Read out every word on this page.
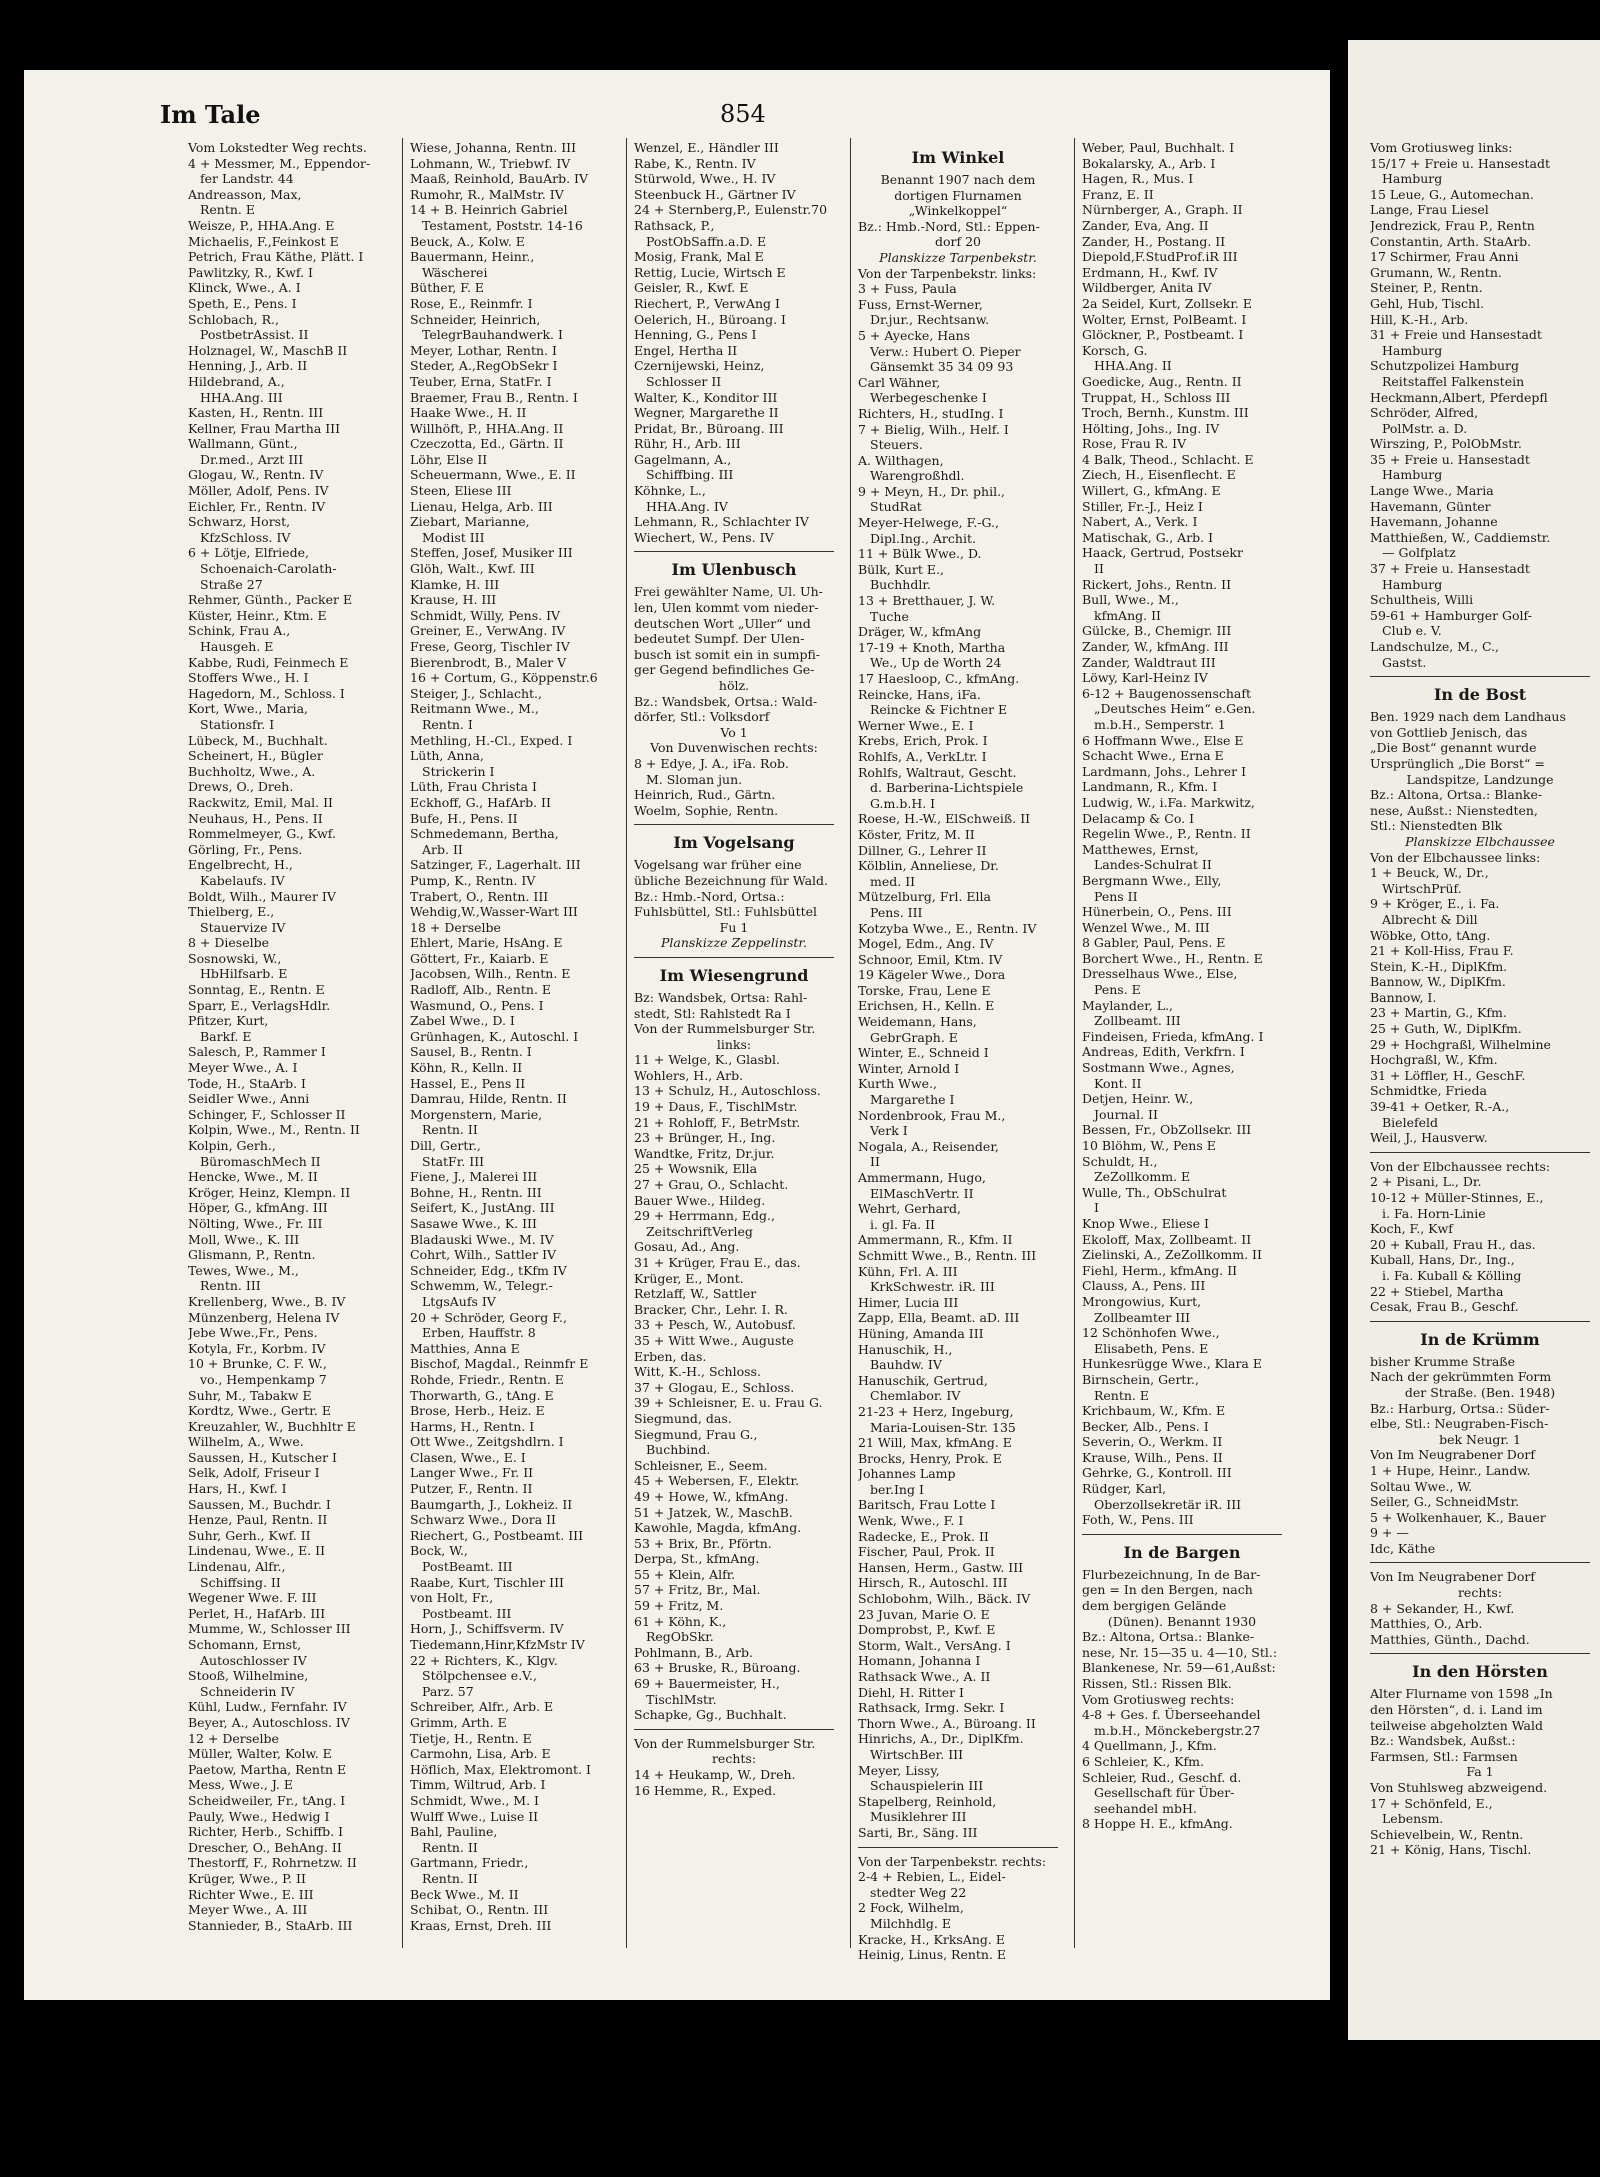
Im Tale	854
Vom Lokstedter Weg rechts.
4 + Messmer, M., Eppendor-
fer Landstr. 44
Andreasson, Max,
Rentn. E
Weisze, P., HHA.Ang. E
Michaelis, F.,Feinkost E
Petrich, Frau Käthe, Plätt. I
Pawlitzky, R., Kwf. I
Klinck, Wwe., A. I
Speth, E., Pens. I
Schlobach, R.,
PostbetrAssist. II
Holznagel, W., MaschB II
Henning, J., Arb. II
Hildebrand, A.,
HHA.Ang. III
Kasten, H., Rentn. III
Kellner, Frau Martha III
Wallmann, Günt.,
Dr.med., Arzt III
Glogau, W., Rentn. IV
Möller, Adolf, Pens. IV
Eichler, Fr., Rentn. IV
Schwarz, Horst,
KfzSchloss. IV
6 + Lötje, Elfriede,
Schoenaich-Carolath-
Straße 27
Rehmer, Günth., Packer E
Küster, Heinr., Ktm. E
Schink, Frau A.,
Hausgeh. E
Kabbe, Rudi, Feinmech E
Stoffers Wwe., H. I
Hagedorn, M., Schloss. I
Kort, Wwe., Maria,
Stationsfr. I
Lübeck, M., Buchhalt.
Scheinert, H., Bügler
Buchholtz, Wwe., A.
Drews, O., Dreh.
Rackwitz, Emil, Mal. II
Neuhaus, H., Pens. II
Rommelmeyer, G., Kwf.
Görling, Fr., Pens.
Engelbrecht, H.,
Kabelaufs. IV
Boldt, Wilh., Maurer IV
Thielberg, E.,
Stauervize IV
8 + Dieselbe
Sosnowski, W.,
HbHilfsarb. E
Sonntag, E., Rentn. E
Sparr, E., VerlagsHdlr.
Pfitzer, Kurt,
Barkf. E
Salesch, P., Rammer I
Meyer Wwe., A. I
Tode, H., StaArb. I
Seidler Wwe., Anni
Schinger, F., Schlosser II
Kolpin, Wwe., M., Rentn. II
Kolpin, Gerh.,
BüromaschMech II
Hencke, Wwe., M. II
Kröger, Heinz, Klempn. II
Höper, G., kfmAng. III
Nölting, Wwe., Fr. III
Moll, Wwe., K. III
Glismann, P., Rentn.
Tewes, Wwe., M.,
Rentn. III
Krellenberg, Wwe., B. IV
Münzenberg, Helena IV
Jebe Wwe.,Fr., Pens.
Kotyla, Fr., Korbm. IV
10 + Brunke, C. F. W.,
vo., Hempenkamp 7
Suhr, M., Tabakw E
Kordtz, Wwe., Gertr. E
Kreuzahler, W., Buchhltr E
Wilhelm, A., Wwe.
Saussen, H., Kutscher I
Selk, Adolf, Friseur I
Hars, H., Kwf. I
Saussen, M., Buchdr. I
Henze, Paul, Rentn. II
Suhr, Gerh., Kwf. II
Lindenau, Wwe., E. II
Lindenau, Alfr.,
Schiffsing. II
Wegener Wwe. F. III
Perlet, H., HafArb. III
Mumme, W., Schlosser III
Schomann, Ernst,
Autoschlosser IV
Stooß, Wilhelmine,
Schneiderin IV
Kühl, Ludw., Fernfahr. IV
Beyer, A., Autoschloss. IV
12 + Derselbe
Müller, Walter, Kolw. E
Paetow, Martha, Rentn E
Mess, Wwe., J. E
Scheidweiler, Fr., tAng. I
Pauly, Wwe., Hedwig I
Richter, Herb., Schiffb. I
Drescher, O., BehAng. II
Thestorff, F., Rohrnetzw. II
Krüger, Wwe., P. II
Richter Wwe., E. III
Meyer Wwe., A. III
Stannieder, B., StaArb. III
Wiese, Johanna, Rentn. III
Lohmann, W., Triebwf. IV
Maaß, Reinhold, BauArb. IV
Rumohr, R., MalMstr. IV
14 + B. Heinrich Gabriel
Testament, Poststr. 14-16
Beuck, A., Kolw. E
Bauermann, Heinr.,
Wäscherei
Büther, F. E
Rose, E., Reinmfr. I
Schneider, Heinrich,
TelegrBauhandwerk. I
Meyer, Lothar, Rentn. I
Steder, A.,RegObSekr I
Teuber, Erna, StatFr. I
Braemer, Frau B., Rentn. I
Haake Wwe., H. II
Willhöft, P., HHA.Ang. II
Czeczotta, Ed., Gärtn. II
Löhr, Else II
Scheuermann, Wwe., E. II
Steen, Eliese III
Lienau, Helga, Arb. III
Ziebart, Marianne,
Modist III
Steffen, Josef, Musiker III
Glöh, Walt., Kwf. III
Klamke, H. III
Krause, H. III
Schmidt, Willy, Pens. IV
Greiner, E., VerwAng. IV
Frese, Georg, Tischler IV
Bierenbrodt, B., Maler V
16 + Cortum, G., Köppenstr.6
Steiger, J., Schlacht.,
Reitmann Wwe., M.,
Rentn. I
Methling, H.-Cl., Exped. I
Lüth, Anna,
Strickerin I
Lüth, Frau Christa I
Eckhoff, G., HafArb. II
Bufe, H., Pens. II
Schmedemann, Bertha,
Arb. II
Satzinger, F., Lagerhalt. III
Pump, K., Rentn. IV
Trabert, O., Rentn. III
Wehdig,W.,Wasser-Wart III
18 + Derselbe
Ehlert, Marie, HsAng. E
Göttert, Fr., Kaiarb. E
Jacobsen, Wilh., Rentn. E
Radloff, Alb., Rentn. E
Wasmund, O., Pens. I
Zabel Wwe., D. I
Grünhagen, K., Autoschl. I
Sausel, B., Rentn. I
Köhn, R., Kelln. II
Hassel, E., Pens II
Damrau, Hilde, Rentn. II
Morgenstern, Marie,
Rentn. II
Dill, Gertr.,
StatFr. III
Fiene, J., Malerei III
Bohne, H., Rentn. III
Seifert, K., JustAng. III
Sasawe Wwe., K. III
Bladauski Wwe., M. IV
Cohrt, Wilh., Sattler IV
Schneider, Edg., tKfm IV
Schwemm, W., Telegr.-
LtgsAufs IV
20 + Schröder, Georg F.,
Erben, Hauffstr. 8
Matthies, Anna E
Bischof, Magdal., Reinmfr E
Rohde, Friedr., Rentn. E
Thorwarth, G., tAng. E
Brose, Herb., Heiz. E
Harms, H., Rentn. I
Ott Wwe., Zeitgshdlrn. I
Clasen, Wwe., E. I
Langer Wwe., Fr. II
Putzer, F., Rentn. II
Baumgarth, J., Lokheiz. II
Schwarz Wwe., Dora II
Riechert, G., Postbeamt. III
Bock, W.,
PostBeamt. III
Raabe, Kurt, Tischler III
von Holt, Fr.,
Postbeamt. III
Horn, J., Schiffsverm. IV
Tiedemann,Hinr,KfzMstr IV
22 + Richters, K., Klgv.
Stölpchensee e.V.,
Parz. 57
Schreiber, Alfr., Arb. E
Grimm, Arth. E
Tietje, H., Rentn. E
Carmohn, Lisa, Arb. E
Höflich, Max, Elektromont. I
Timm, Wiltrud, Arb. I
Schmidt, Wwe., M. I
Wulff Wwe., Luise II
Bahl, Pauline,
Rentn. II
Gartmann, Friedr.,
Rentn. II
Beck Wwe., M. II
Schibat, O., Rentn. III
Kraas, Ernst, Dreh. III
Wenzel, E., Händler III
Rabe, K., Rentn. IV
Stürwold, Wwe., H. IV
Steenbuck H., Gärtner IV
24 + Sternberg,P., Eulenstr.70
Rathsack, P.,
PostObSaffn.a.D. E
Mosig, Frank, Mal E
Rettig, Lucie, Wirtsch E
Geisler, R., Kwf. E
Riechert, P., VerwAng I
Oelerich, H., Büroang. I
Henning, G., Pens I
Engel, Hertha II
Czernijewski, Heinz,
Schlosser II
Walter, K., Konditor III
Wegner, Margarethe II
Pridat, Br., Büroang. III
Rühr, H., Arb. III
Gagelmann, A.,
Schiffbing. III
Köhnke, L.,
HHA.Ang. IV
Lehmann, R., Schlachter IV
Wiechert, W., Pens. IV
Im Ulenbusch
Frei gewählter Name, Ul. Uh-
len, Ulen kommt vom nieder-
deutschen Wort „Uller“ und
bedeutet Sumpf. Der Ulen-
busch ist somit ein in sumpfi-
ger Gegend befindliches Ge-
hölz.
Bz.: Wandsbek, Ortsa.: Wald-
dörfer, Stl.: Volksdorf
Vo 1
Von Duvenwischen rechts:
8 + Edye, J. A., iFa. Rob.
M. Sloman jun.
Heinrich, Rud., Gärtn.
Woelm, Sophie, Rentn.
Im Vogelsang
Vogelsang war früher eine
übliche Bezeichnung für Wald.
Bz.: Hmb.-Nord, Ortsa.:
Fuhlsbüttel, Stl.: Fuhlsbüttel
Fu 1
Planskizze Zeppelinstr.
Im Wiesengrund
Bz: Wandsbek, Ortsa: Rahl-
stedt, Stl: Rahlstedt Ra I
Von der Rummelsburger Str.
links:
11 + Welge, K., Glasbl.
Wohlers, H., Arb.
13 + Schulz, H., Autoschloss.
19 + Daus, F., TischlMstr.
21 + Rohloff, F., BetrMstr.
23 + Brünger, H., Ing.
Wandtke, Fritz, Dr.jur.
25 + Wowsnik, Ella
27 + Grau, O., Schlacht.
Bauer Wwe., Hildeg.
29 + Herrmann, Edg.,
ZeitschriftVerleg
Gosau, Ad., Ang.
31 + Krüger, Frau E., das.
Krüger, E., Mont.
Retzlaff, W., Sattler
Bracker, Chr., Lehr. I. R.
33 + Pesch, W., Autobusf.
35 + Witt Wwe., Auguste
Erben, das.
Witt, K.-H., Schloss.
37 + Glogau, E., Schloss.
39 + Schleisner, E. u. Frau G.
Siegmund, das.
Siegmund, Frau G.,
Buchbind.
Schleisner, E., Seem.
45 + Webersen, F., Elektr.
49 + Howe, W., kfmAng.
51 + Jatzek, W., MaschB.
Kawohle, Magda, kfmAng.
53 + Brix, Br., Pförtn.
Derpa, St., kfmAng.
55 + Klein, Alfr.
57 + Fritz, Br., Mal.
59 + Fritz, M.
61 + Köhn, K.,
RegObSkr.
Pohlmann, B., Arb.
63 + Bruske, R., Büroang.
69 + Bauermeister, H.,
TischlMstr.
Schapke, Gg., Buchhalt.
Von der Rummelsburger Str.
rechts:
14 + Heukamp, W., Dreh.
16 Hemme, R., Exped.
Im Winkel
Benannt 1907 nach dem
dortigen Flurnamen
„Winkelkoppel“
Bz.: Hmb.-Nord, Stl.: Eppen-
dorf 20
Planskizze Tarpenbekstr.
Von der Tarpenbekstr. links:
3 + Fuss, Paula
Fuss, Ernst-Werner,
Dr.jur., Rechtsanw.
5 + Ayecke, Hans
Verw.: Hubert O. Pieper
Gänsemkt 35 34 09 93
Carl Wähner,
Werbegeschenke I
Richters, H., studIng. I
7 + Bielig, Wilh., Helf. I
Steuers.
A. Wilthagen,
Warengroßhdl.
9 + Meyn, H., Dr. phil.,
StudRat
Meyer-Helwege, F.-G.,
Dipl.Ing., Archit.
11 + Bülk Wwe., D.
Bülk, Kurt E.,
Buchhdlr.
13 + Bretthauer, J. W.
Tuche
Dräger, W., kfmAng
17-19 + Knoth, Martha
We., Up de Worth 24
17 Haesloop, C., kfmAng.
Reincke, Hans, iFa.
Reincke & Fichtner E
Werner Wwe., E. I
Krebs, Erich, Prok. I
Rohlfs, A., VerkLtr. I
Rohlfs, Waltraut, Gescht.
d. Barberina-Lichtspiele
G.m.b.H. I
Roese, H.-W., ElSchweiß. II
Köster, Fritz, M. II
Dillner, G., Lehrer II
Kölblin, Anneliese, Dr.
med. II
Mützelburg, Frl. Ella
Pens. III
Kotzyba Wwe., E., Rentn. IV
Mogel, Edm., Ang. IV
Schnoor, Emil, Ktm. IV
19 Kägeler Wwe., Dora
Torske, Frau, Lene E
Erichsen, H., Kelln. E
Weidemann, Hans,
GebrGraph. E
Winter, E., Schneid I
Winter, Arnold I
Kurth Wwe.,
Margarethe I
Nordenbrook, Frau M.,
Verk I
Nogala, A., Reisender,
II
Ammermann, Hugo,
ElMaschVertr. II
Wehrt, Gerhard,
i. gl. Fa. II
Ammermann, R., Kfm. II
Schmitt Wwe., B., Rentn. III
Kühn, Frl. A. III
KrkSchwestr. iR. III
Himer, Lucia III
Zapp, Ella, Beamt. aD. III
Hüning, Amanda III
Hanuschik, H.,
Bauhdw. IV
Hanuschik, Gertrud,
Chemlabor. IV
21-23 + Herz, Ingeburg,
Maria-Louisen-Str. 135
21 Will, Max, kfmAng. E
Brocks, Henry, Prok. E
Johannes Lamp
ber.Ing I
Baritsch, Frau Lotte I
Wenk, Wwe., F. I
Radecke, E., Prok. II
Fischer, Paul, Prok. II
Hansen, Herm., Gastw. III
Hirsch, R., Autoschl. III
Schlobohm, Wilh., Bäck. IV
23 Juvan, Marie O. E
Domprobst, P., Kwf. E
Storm, Walt., VersAng. I
Homann, Johanna I
Rathsack Wwe., A. II
Diehl, H. Ritter I
Rathsack, Irmg. Sekr. I
Thorn Wwe., A., Büroang. II
Hinrichs, A., Dr., DiplKfm.
WirtschBer. III
Meyer, Lissy,
Schauspielerin III
Stapelberg, Reinhold,
Musiklehrer III
Sarti, Br., Säng. III
Von der Tarpenbekstr. rechts:
2-4 + Rebien, L., Eidel-
stedter Weg 22
2 Fock, Wilhelm,
Milchhdlg. E
Kracke, H., KrksAng. E
Heinig, Linus, Rentn. E
Weber, Paul, Buchhalt. I
Bokalarsky, A., Arb. I
Hagen, R., Mus. I
Franz, E. II
Nürnberger, A., Graph. II
Zander, Eva, Ang. II
Zander, H., Postang. II
Diepold,F.StudProf.iR III
Erdmann, H., Kwf. IV
Wildberger, Anita IV
2a Seidel, Kurt, Zollsekr. E
Wolter, Ernst, PolBeamt. I
Glöckner, P., Postbeamt. I
Korsch, G.
HHA.Ang. II
Goedicke, Aug., Rentn. II
Truppat, H., Schloss III
Troch, Bernh., Kunstm. III
Hölting, Johs., Ing. IV
Rose, Frau R. IV
4 Balk, Theod., Schlacht. E
Ziech, H., Eisenflecht. E
Willert, G., kfmAng. E
Stiller, Fr.-J., Heiz I
Nabert, A., Verk. I
Matischak, G., Arb. I
Haack, Gertrud, Postsekr
II
Rickert, Johs., Rentn. II
Bull, Wwe., M.,
kfmAng. II
Gülcke, B., Chemigr. III
Zander, W., kfmAng. III
Zander, Waldtraut III
Löwy, Karl-Heinz IV
6-12 + Baugenossenschaft
„Deutsches Heim“ e.Gen.
m.b.H., Semperstr. 1
6 Hoffmann Wwe., Else E
Schacht Wwe., Erna E
Lardmann, Johs., Lehrer I
Landmann, R., Kfm. I
Ludwig, W., i.Fa. Markwitz,
Delacamp & Co. I
Regelin Wwe., P., Rentn. II
Matthewes, Ernst,
Landes-Schulrat II
Bergmann Wwe., Elly,
Pens II
Hünerbein, O., Pens. III
Wenzel Wwe., M. III
8 Gabler, Paul, Pens. E
Borchert Wwe., H., Rentn. E
Dresselhaus Wwe., Else,
Pens. E
Maylander, L.,
Zollbeamt. III
Findeisen, Frieda, kfmAng. I
Andreas, Edith, Verkfrn. I
Sostmann Wwe., Agnes,
Kont. II
Detjen, Heinr. W.,
Journal. II
Bessen, Fr., ObZollsekr. III
10 Blöhm, W., Pens E
Schuldt, H.,
ZeZollkomm. E
Wulle, Th., ObSchulrat
I
Knop Wwe., Eliese I
Ekoloff, Max, Zollbeamt. II
Zielinski, A., ZeZollkomm. II
Fiehl, Herm., kfmAng. II
Clauss, A., Pens. III
Mrongowius, Kurt,
Zollbeamter III
12 Schönhofen Wwe.,
Elisabeth, Pens. E
Hunkesrügge Wwe., Klara E
Birnschein, Gertr.,
Rentn. E
Krichbaum, W., Kfm. E
Becker, Alb., Pens. I
Severin, O., Werkm. II
Krause, Wilh., Pens. II
Gehrke, G., Kontroll. III
Rüdger, Karl,
Oberzollsekretär iR. III
Foth, W., Pens. III
In de Bargen
Flurbezeichnung, In de Bar-
gen = In den Bergen, nach
dem bergigen Gelände
(Dünen). Benannt 1930
Bz.: Altona, Ortsa.: Blanke-
nese, Nr. 15—35 u. 4—10, Stl.:
Blankenese, Nr. 59—61,Außst:
Rissen, Stl.: Rissen Blk.
Vom Grotiusweg rechts:
4-8 + Ges. f. Überseehandel
m.b.H., Mönckebergstr.27
4 Quellmann, J., Kfm.
6 Schleier, K., Kfm.
Schleier, Rud., Geschf. d.
Gesellschaft für Über-
seehandel mbH.
8 Hoppe H. E., kfmAng.
Vom Grotiusweg links:
15/17 + Freie u. Hansestadt
Hamburg
15 Leue, G., Automechan.
Lange, Frau Liesel
Jendrezick, Frau P., Rentn
Constantin, Arth. StaArb.
17 Schirmer, Frau Anni
Grumann, W., Rentn.
Steiner, P., Rentn.
Gehl, Hub, Tischl.
Hill, K.-H., Arb.
31 + Freie und Hansestadt
Hamburg
Schutzpolizei Hamburg
Reitstaffel Falkenstein
Heckmann,Albert, Pferdepfl
Schröder, Alfred,
PolMstr. a. D.
Wirszing, P., PolObMstr.
35 + Freie u. Hansestadt
Hamburg
Lange Wwe., Maria
Havemann, Günter
Havemann, Johanne
Matthießen, W., Caddiemstr.
— Golfplatz
37 + Freie u. Hansestadt
Hamburg
Schultheis, Willi
59-61 + Hamburger Golf-
Club e. V.
Landschulze, M., C.,
Gastst.
In de Bost
Ben. 1929 nach dem Landhaus
von Gottlieb Jenisch, das
„Die Bost“ genannt wurde
Ursprünglich „Die Borst“ =
Landspitze, Landzunge
Bz.: Altona, Ortsa.: Blanke-
nese, Außst.: Nienstedten,
Stl.: Nienstedten Blk
Planskizze Elbchaussee
Von der Elbchaussee links:
1 + Beuck, W., Dr.,
WirtschPrüf.
9 + Kröger, E., i. Fa.
Albrecht & Dill
Wöbke, Otto, tAng.
21 + Koll-Hiss, Frau F.
Stein, K.-H., DiplKfm.
Bannow, W., DiplKfm.
Bannow, I.
23 + Martin, G., Kfm.
25 + Guth, W., DiplKfm.
29 + Hochgraßl, Wilhelmine
Hochgraßl, W., Kfm.
31 + Löffler, H., GeschF.
Schmidtke, Frieda
39-41 + Oetker, R.-A.,
Bielefeld
Weil, J., Hausverw.
Von der Elbchaussee rechts:
2 + Pisani, L., Dr.
10-12 + Müller-Stinnes, E.,
i. Fa. Horn-Linie
Koch, F., Kwf
20 + Kuball, Frau H., das.
Kuball, Hans, Dr., Ing.,
i. Fa. Kuball & Kölling
22 + Stiebel, Martha
Cesak, Frau B., Geschf.
In de Krümm
bisher Krumme Straße
Nach der gekrümmten Form
der Straße. (Ben. 1948)
Bz.: Harburg, Ortsa.: Süder-
elbe, Stl.: Neugraben-Fisch-
bek Neugr. 1
Von Im Neugrabener Dorf
1 + Hupe, Heinr., Landw.
Soltau Wwe., W.
Seiler, G., SchneidMstr.
5 + Wolkenhauer, K., Bauer
9 + —
Idc, Käthe
Von Im Neugrabener Dorf
rechts:
8 + Sekander, H., Kwf.
Matthies, O., Arb.
Matthies, Günth., Dachd.
In den Hörsten
Alter Flurname von 1598 „In
den Hörsten“, d. i. Land im
teilweise abgeholzten Wald
Bz.: Wandsbek, Außst.:
Farmsen, Stl.: Farmsen
Fa 1
Von Stuhlsweg abzweigend.
17 + Schönfeld, E.,
Lebensm.
Schievelbein, W., Rentn.
21 + König, Hans, Tischl.
